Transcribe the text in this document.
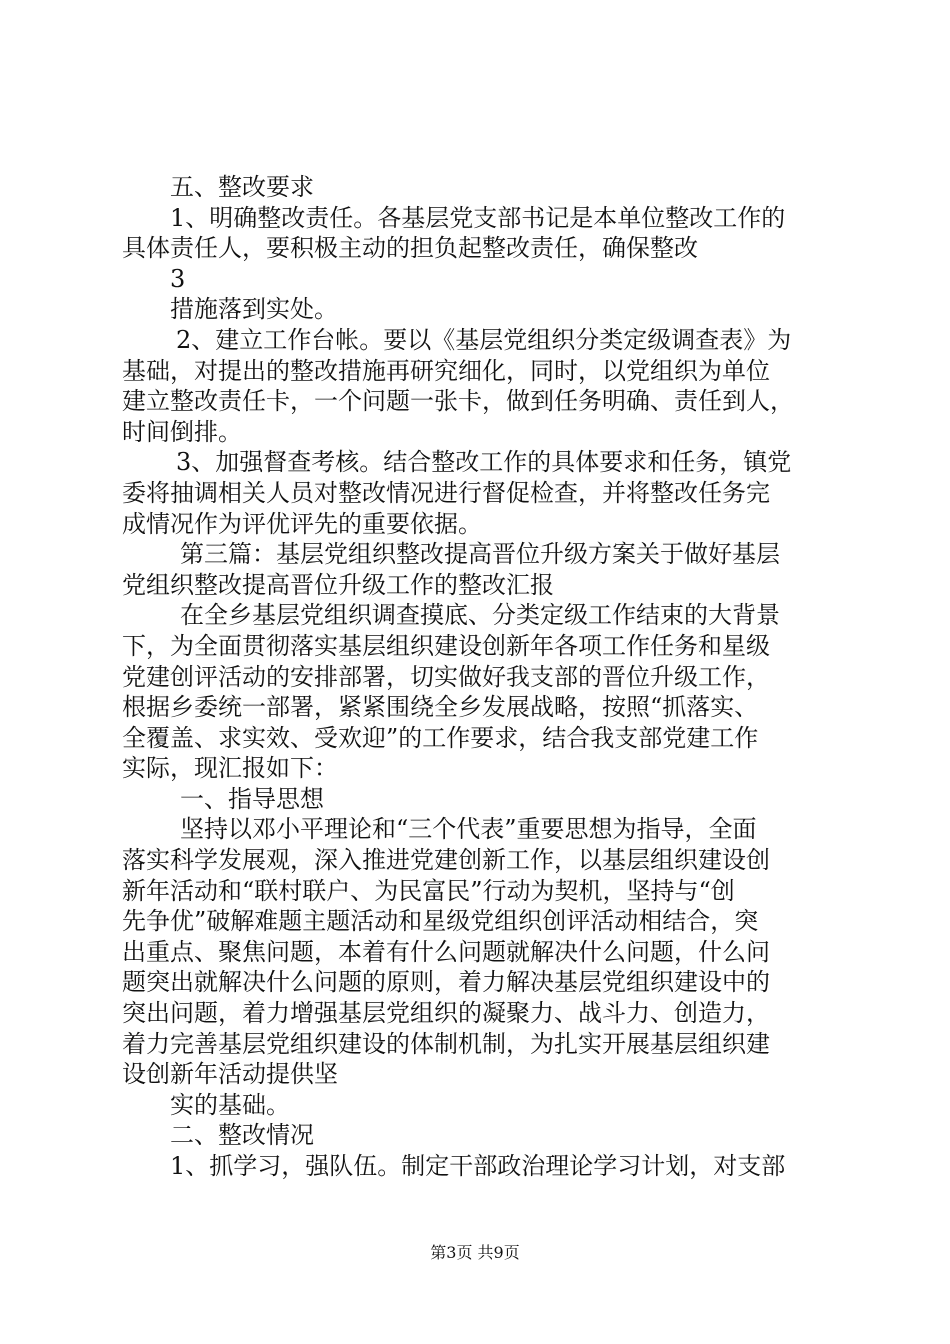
五、整改要求
1、明确整改责任。各基层党支部书记是本单位整改工作的
具体责任人，要积极主动的担负起整改责任，确保整改
3
措施落到实处。
2、建立工作台帐。要以《基层党组织分类定级调查表》为
基础，对提出的整改措施再研究细化，同时，以党组织为单位
建立整改责任卡，一个问题一张卡，做到任务明确、责任到人，
时间倒排。
3、加强督查考核。结合整改工作的具体要求和任务，镇党
委将抽调相关人员对整改情况进行督促检查，并将整改任务完
成情况作为评优评先的重要依据。
第三篇：基层党组织整改提高晋位升级方案关于做好基层
党组织整改提高晋位升级工作的整改汇报
在全乡基层党组织调查摸底、分类定级工作结束的大背景
下，为全面贯彻落实基层组织建设创新年各项工作任务和星级
党建创评活动的安排部署，切实做好我支部的晋位升级工作，
根据乡委统一部署，紧紧围绕全乡发展战略，按照“抓落实、
全覆盖、求实效、受欢迎”的工作要求，结合我支部党建工作
实际，现汇报如下：
一、指导思想
坚持以邓小平理论和“三个代表”重要思想为指导，全面
落实科学发展观，深入推进党建创新工作，以基层组织建设创
新年活动和“联村联户、为民富民”行动为契机，坚持与“创
先争优”破解难题主题活动和星级党组织创评活动相结合，突
出重点、聚焦问题，本着有什么问题就解决什么问题，什么问
题突出就解决什么问题的原则，着力解决基层党组织建设中的
突出问题，着力增强基层党组织的凝聚力、战斗力、创造力，
着力完善基层党组织建设的体制机制，为扎实开展基层组织建
设创新年活动提供坚
实的基础。
二、整改情况
1、抓学习，强队伍。制定干部政治理论学习计划，对支部
第3页 共9页
